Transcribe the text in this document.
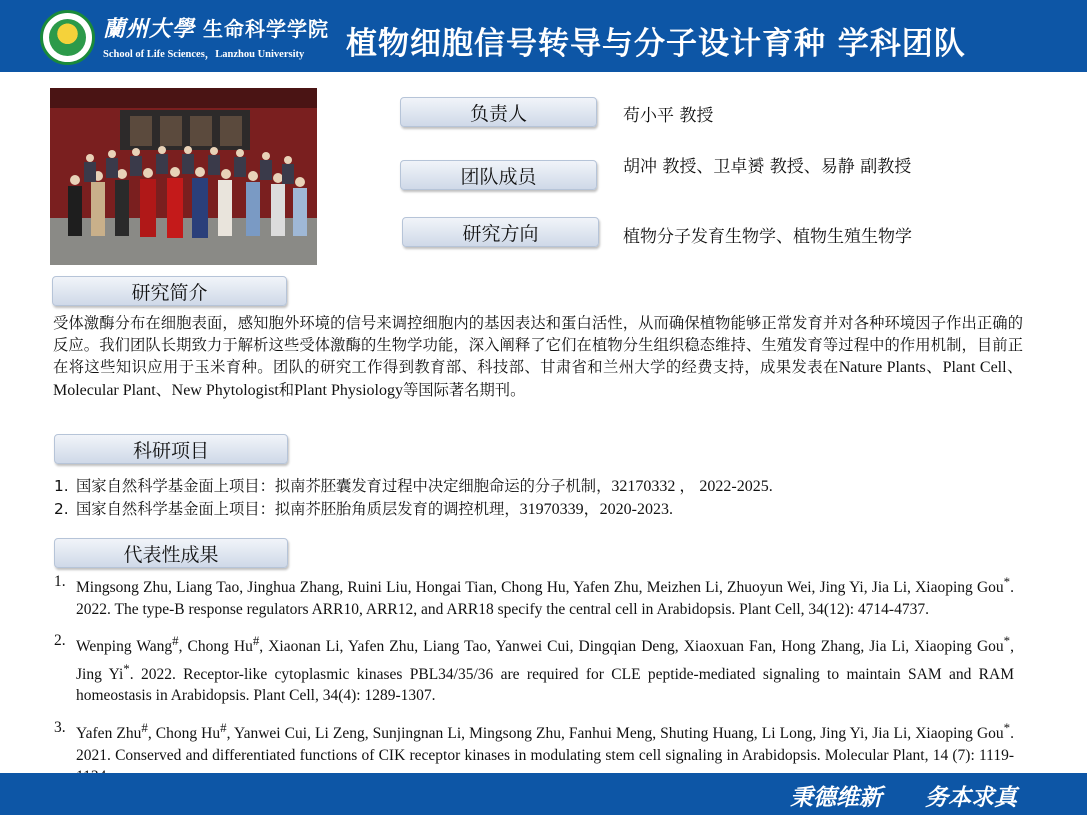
蘭州大學 生命科学学院
School of Life Sciences，Lanzhou University 植物细胞信号转导与分子设计育种 学科团队
负责人	苟小平 教授
团队成员	胡冲 教授、卫卓赟 教授、易静 副教授
研究方向	植物分子发育生物学、植物生殖生物学
研究简介

受体激酶分布在细胞表面，感知胞外环境的信号来调控细胞内的基因表达和蛋白活性，从而确保植物能够正常发育并对各种环境因子作出正确的反应。我们团队长期致力于解析这些受体激酶的生物学功能，深入阐释了它们在植物分生组织稳态维持、生殖发育等过程中的作用机制，目前正在将这些知识应用于玉米育种。团队的研究工作得到教育部、科技部、甘肃省和兰州大学的经费支持，成果发表在Nature Plants、Plant Cell、Molecular Plant、New Phytologist和Plant Physiology等国际著名期刊。

科研项目
1. 国家自然科学基金面上项目：拟南芥胚囊发育过程中决定细胞命运的分子机制，32170332 ， 2022-2025.
2. 国家自然科学基金面上项目：拟南芥胚胎角质层发育的调控机理，31970339，2020-2023.
代表性成果
1. Mingsong Zhu, Liang Tao, Jinghua Zhang, Ruini Liu, Hongai Tian, Chong Hu, Yafen Zhu, Meizhen Li, Zhuoyun Wei, Jing Yi, Jia Li, Xiaoping Gou*. 2022. The type-B response regulators ARR10, ARR12, and ARR18 specify the central cell in Arabidopsis. Plant Cell, 34(12): 4714-4737.
2. Wenping Wang#, Chong Hu#, Xiaonan Li, Yafen Zhu, Liang Tao, Yanwei Cui, Dingqian Deng, Xiaoxuan Fan, Hong Zhang, Jia Li, Xiaoping Gou*, Jing Yi*. 2022. Receptor-like cytoplasmic kinases PBL34/35/36 are required for CLE peptide-mediated signaling to maintain SAM and RAM homeostasis in Arabidopsis. Plant Cell, 34(4): 1289-1307.
3. Yafen Zhu#, Chong Hu#, Yanwei Cui, Li Zeng, Sunjingnan Li, Mingsong Zhu, Fanhui Meng, Shuting Huang, Li Long, Jing Yi, Jia Li, Xiaoping Gou*. 2021. Conserved and differentiated functions of CIK receptor kinases in modulating stem cell signaling in Arabidopsis. Molecular Plant, 14 (7): 1119-
秉德维新 务本求真
